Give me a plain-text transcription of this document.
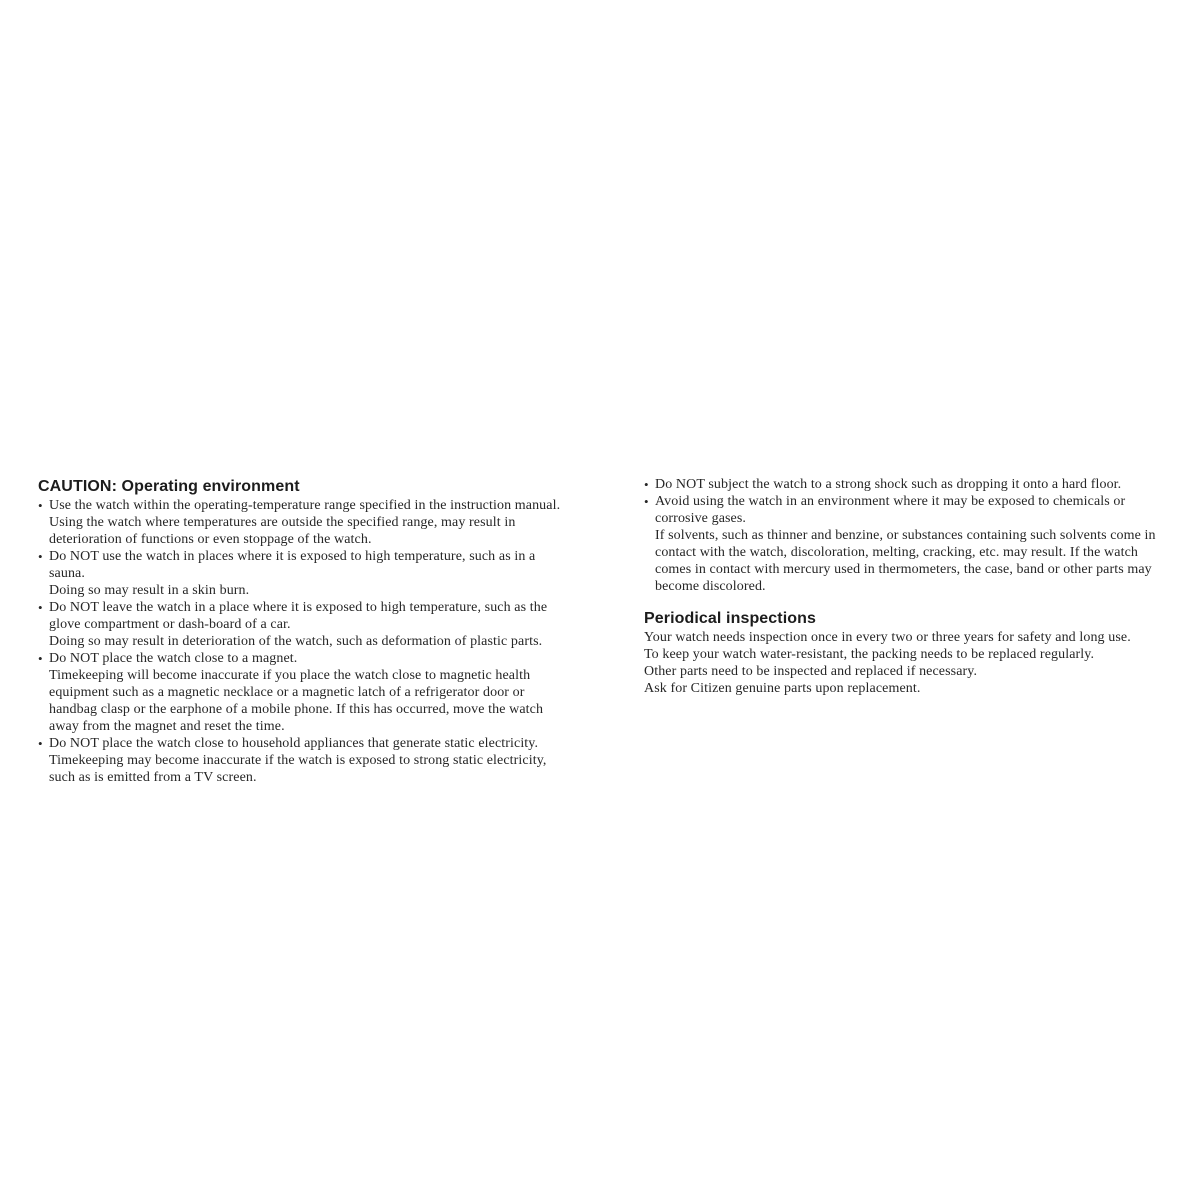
CAUTION: Operating environment
• Use the watch within the operating-temperature range specified in the instruction manual.
Using the watch where temperatures are outside the specified range, may result in deterioration of functions or even stoppage of the watch.
• Do NOT use the watch in places where it is exposed to high temperature, such as in a sauna.
Doing so may result in a skin burn.
• Do NOT leave the watch in a place where it is exposed to high temperature, such as the glove compartment or dash-board of a car.
Doing so may result in deterioration of the watch, such as deformation of plastic parts.
• Do NOT place the watch close to a magnet.
Timekeeping will become inaccurate if you place the watch close to magnetic health equipment such as a magnetic necklace or a magnetic latch of a refrigerator door or handbag clasp or the earphone of a mobile phone. If this has occurred, move the watch away from the magnet and reset the time.
• Do NOT place the watch close to household appliances that generate static electricity.
Timekeeping may become inaccurate if the watch is exposed to strong static electricity, such as is emitted from a TV screen.
• Do NOT subject the watch to a strong shock such as dropping it onto a hard floor.
• Avoid using the watch in an environment where it may be exposed to chemicals or corrosive gases.
If solvents, such as thinner and benzine, or substances containing such solvents come in contact with the watch, discoloration, melting, cracking, etc. may result. If the watch comes in contact with mercury used in thermometers, the case, band or other parts may become discolored.
Periodical inspections
Your watch needs inspection once in every two or three years for safety and long use.
To keep your watch water-resistant, the packing needs to be replaced regularly.
Other parts need to be inspected and replaced if necessary.
Ask for Citizen genuine parts upon replacement.
